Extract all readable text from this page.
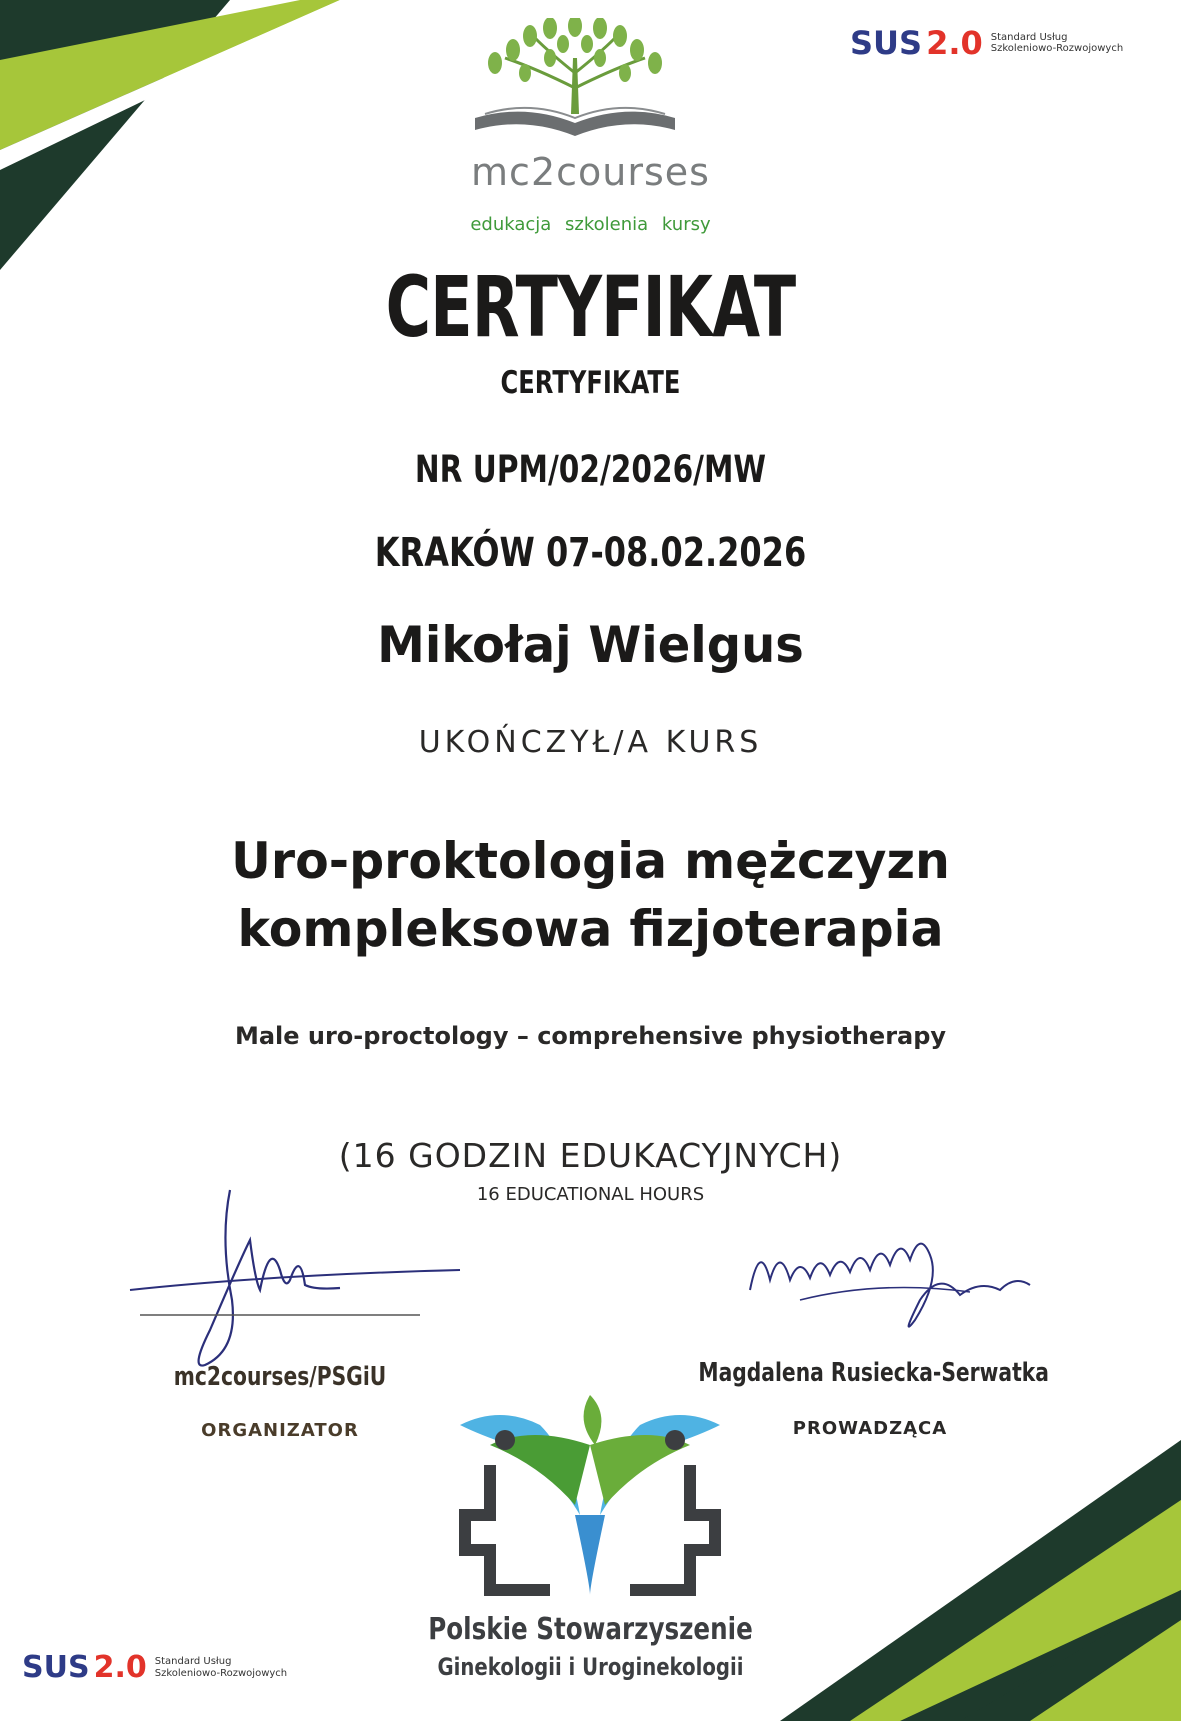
mc2courses
edukacja szkolenia kursy
SUS 2.0 Standard Usług
Szkoleniowo-Rozwojowych
CERTYFIKAT
CERTYFIKATE
NR UPM/02/2026/MW
KRAKÓW 07-08.02.2026
Mikołaj Wielgus
UKOŃCZYŁ/A KURS
Uro-proktologia mężczyzn
kompleksowa fizjoterapia
Male uro-proctology – comprehensive physiotherapy
(16 GODZIN EDUKACYJNYCH)
16 EDUCATIONAL HOURS
mc2courses/PSGiU
ORGANIZATOR
Magdalena Rusiecka-Serwatka
PROWADZĄCA
Polskie Stowarzyszenie
Ginekologii i Uroginekologii
SUS 2.0 Standard Usług
Szkoleniowo-Rozwojowych
